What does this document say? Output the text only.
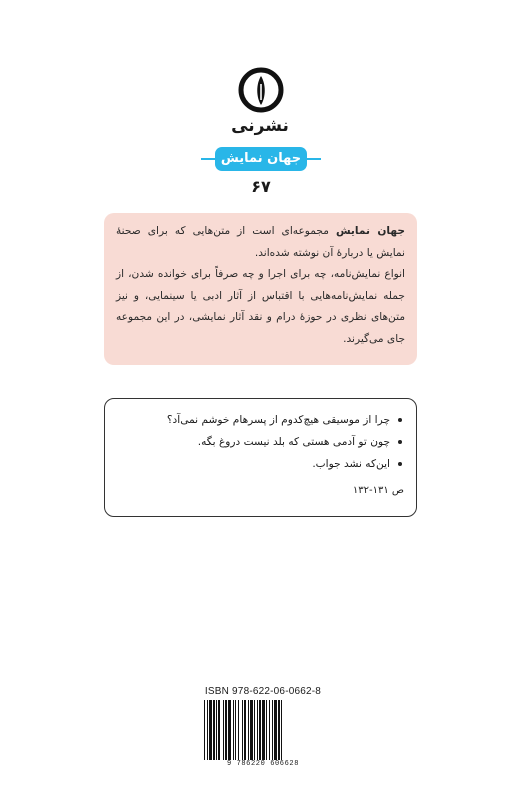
نشرنی
جهان نمایش
۶۷

جهان نمایش مجموعه‌ای است از متن‌هایی که برای صحنهٔ نمایش یا دربارهٔ آن نوشته شده‌اند.

انواع نمایش‌نامه، چه برای اجرا و چه صرفاً برای خوانده شدن، از جمله نمایش‌نامه‌هایی با اقتباس از آثار ادبی یا سینمایی، و نیز متن‌های نظری در حوزهٔ درام و نقد آثار نمایشی، در این مجموعه جای می‌گیرند.

چرا از موسیقی هیچ‌کدوم از پسرهام خوشم نمی‌آد؟
چون تو آدمی هستی که بلد نیست دروغ بگه.
این‌که نشد جواب.
ص ۱۳۱-۱۳۲
ISBN 978-622-06-0662-8
9 786220 606628
